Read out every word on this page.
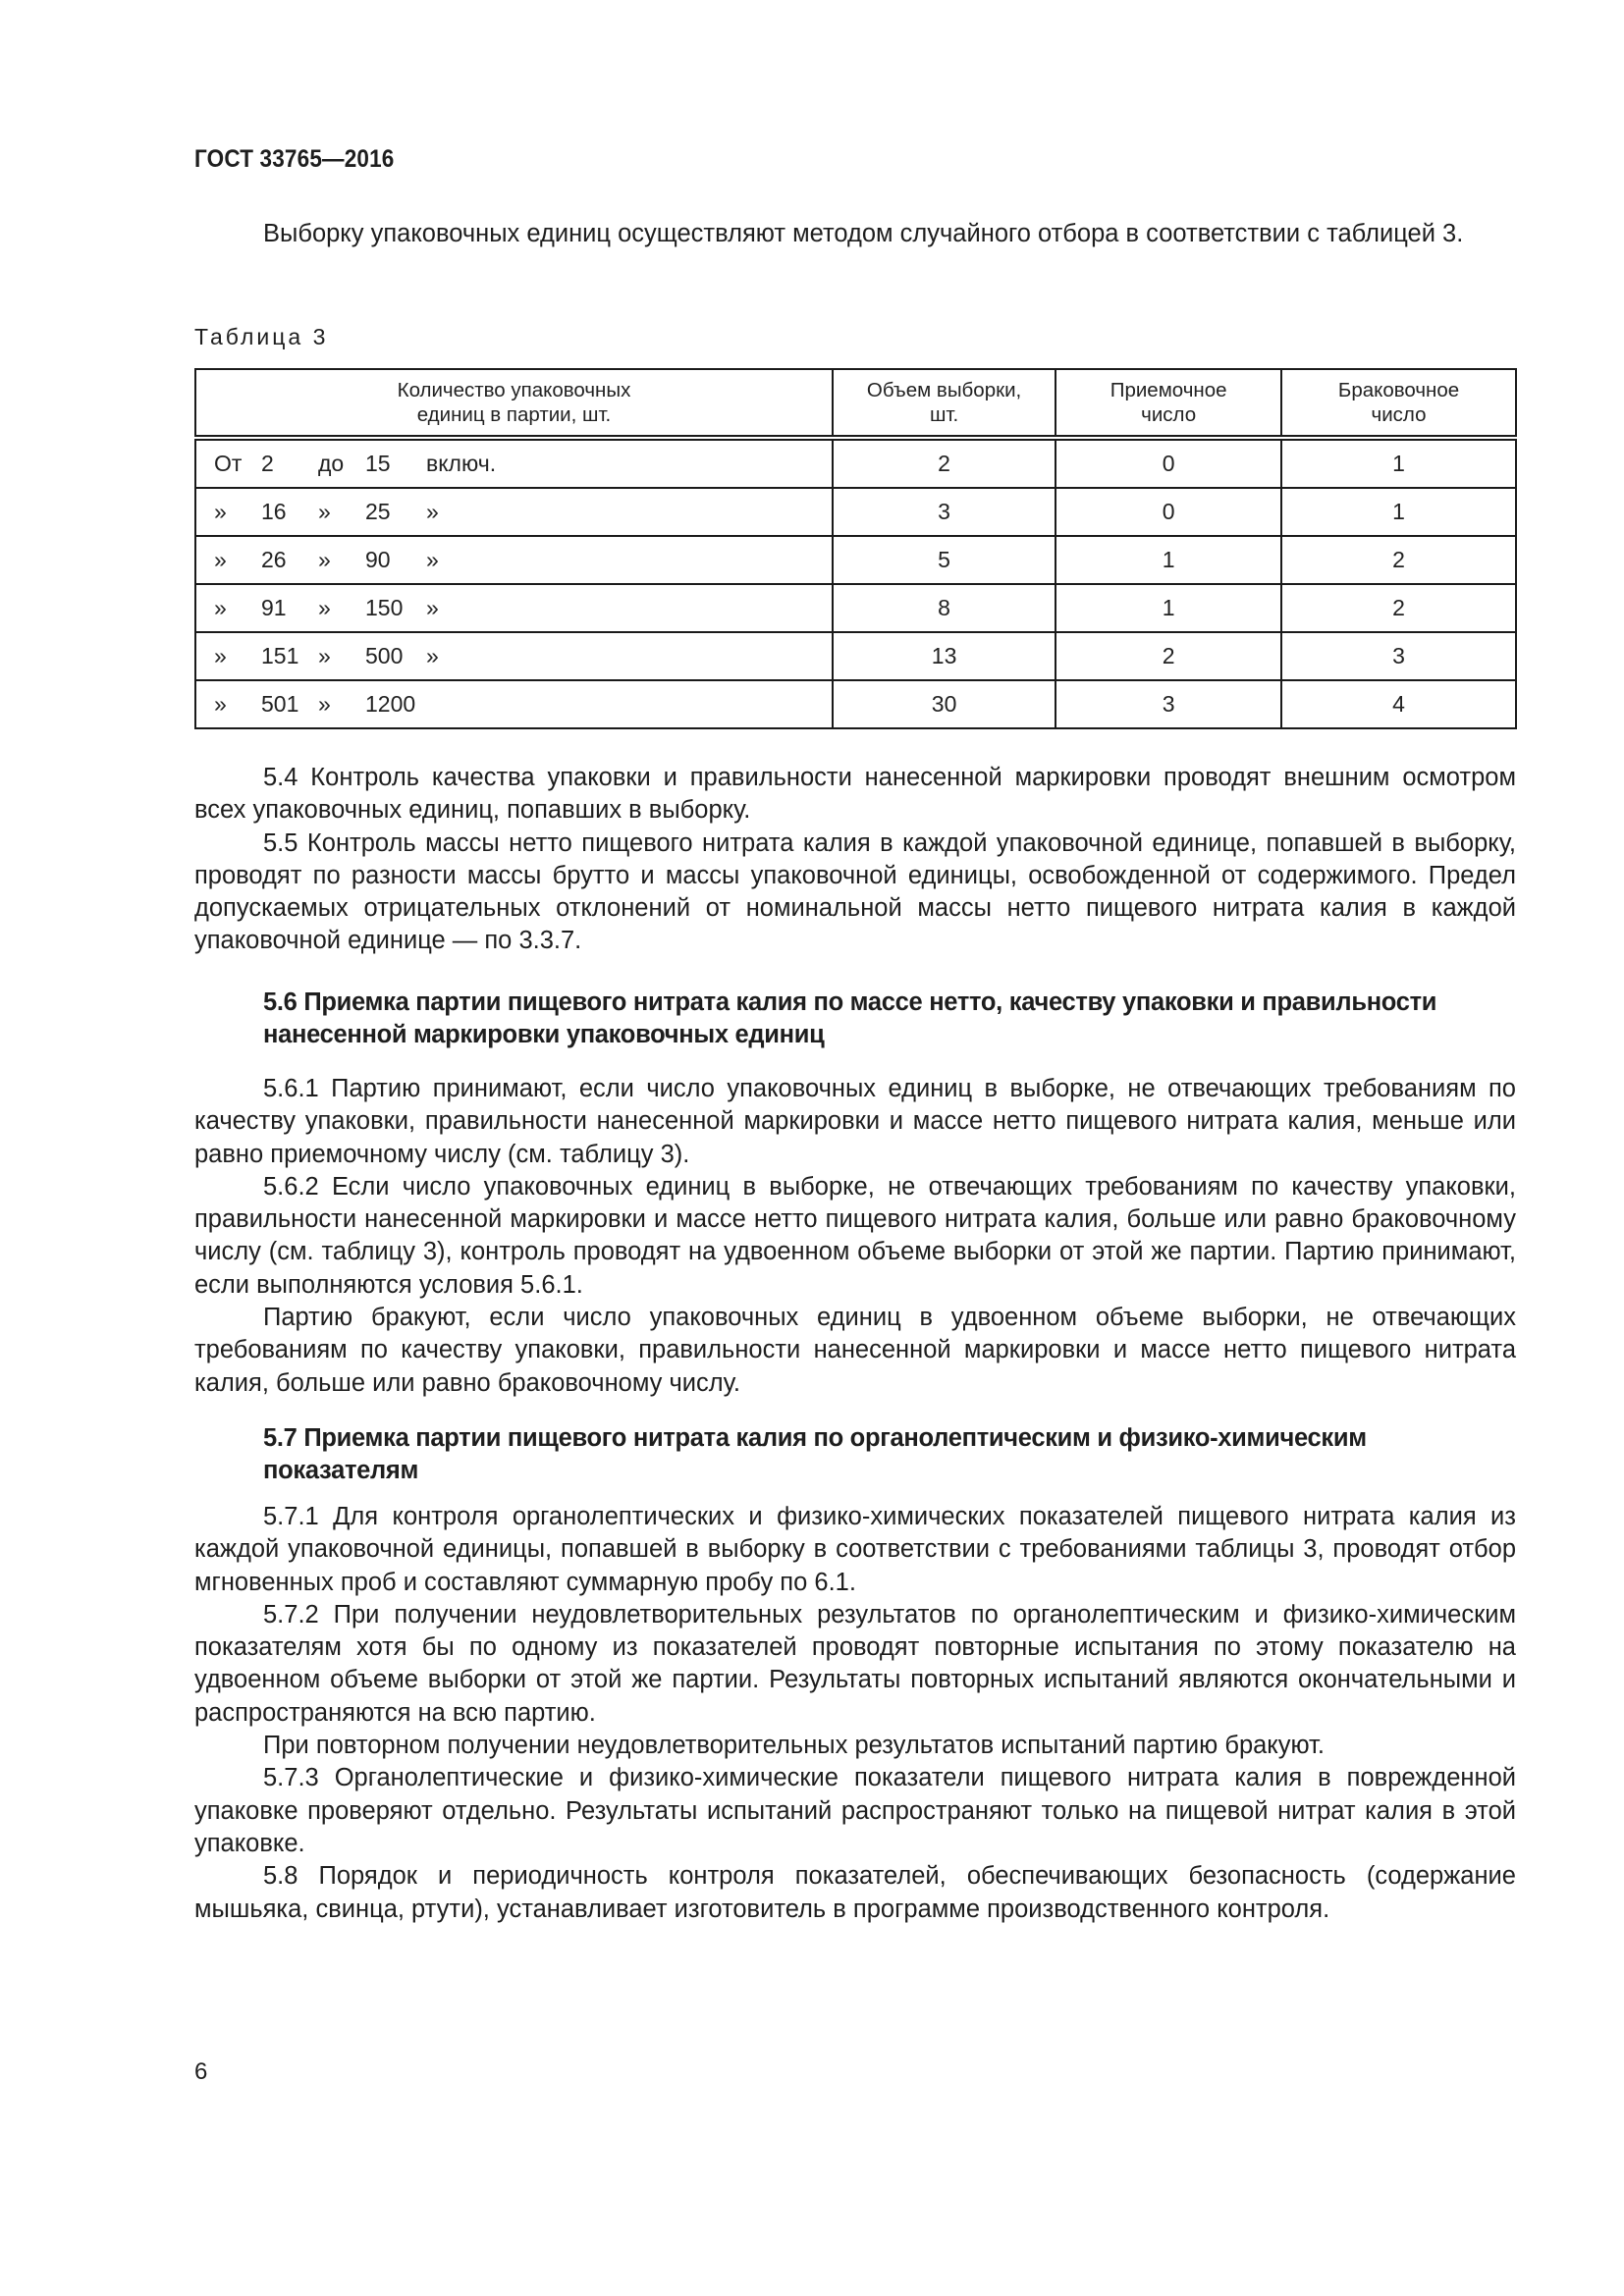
ГОСТ 33765—2016

Выборку упаковочных единиц осуществляют методом случайного отбора в соответствии с таблицей 3.

Таблица 3
Количество упаковочных единиц в партии, шт.	Объем выборки, шт.	Приемочное число	Браковочное число
От 2 до 15 включ.	2	0	1
» 16 » 25 »	3	0	1
» 26 » 90 »	5	1	2
» 91 » 150 »	8	1	2
» 151 » 500 »	13	2	3
» 501 » 1200	30	3	4

5.4 Контроль качества упаковки и правильности нанесенной маркировки проводят внешним осмотром всех упаковочных единиц, попавших в выборку.

5.5 Контроль массы нетто пищевого нитрата калия в каждой упаковочной единице, попавшей в выборку, проводят по разности массы брутто и массы упаковочной единицы, освобожденной от содержимого. Предел допускаемых отрицательных отклонений от номинальной массы нетто пищевого нитрата калия в каждой упаковочной единице — по 3.3.7.

5.6 Приемка партии пищевого нитрата калия по массе нетто, качеству упаковки и правильности нанесенной маркировки упаковочных единиц

5.6.1 Партию принимают, если число упаковочных единиц в выборке, не отвечающих требованиям по качеству упаковки, правильности нанесенной маркировки и массе нетто пищевого нитрата калия, меньше или равно приемочному числу (см. таблицу 3).

5.6.2 Если число упаковочных единиц в выборке, не отвечающих требованиям по качеству упаковки, правильности нанесенной маркировки и массе нетто пищевого нитрата калия, больше или равно браковочному числу (см. таблицу 3), контроль проводят на удвоенном объеме выборки от этой же партии. Партию принимают, если выполняются условия 5.6.1.

Партию бракуют, если число упаковочных единиц в удвоенном объеме выборки, не отвечающих требованиям по качеству упаковки, правильности нанесенной маркировки и массе нетто пищевого нитрата калия, больше или равно браковочному числу.

5.7 Приемка партии пищевого нитрата калия по органолептическим и физико-химическим показателям

5.7.1 Для контроля органолептических и физико-химических показателей пищевого нитрата калия из каждой упаковочной единицы, попавшей в выборку в соответствии с требованиями таблицы 3, проводят отбор мгновенных проб и составляют суммарную пробу по 6.1.

5.7.2 При получении неудовлетворительных результатов по органолептическим и физико-химическим показателям хотя бы по одному из показателей проводят повторные испытания по этому показателю на удвоенном объеме выборки от этой же партии. Результаты повторных испытаний являются окончательными и распространяются на всю партию.

При повторном получении неудовлетворительных результатов испытаний партию бракуют.

5.7.3 Органолептические и физико-химические показатели пищевого нитрата калия в поврежденной упаковке проверяют отдельно. Результаты испытаний распространяют только на пищевой нитрат калия в этой упаковке.

5.8 Порядок и периодичность контроля показателей, обеспечивающих безопасность (содержание мышьяка, свинца, ртути), устанавливает изготовитель в программе производственного контроля.

6
